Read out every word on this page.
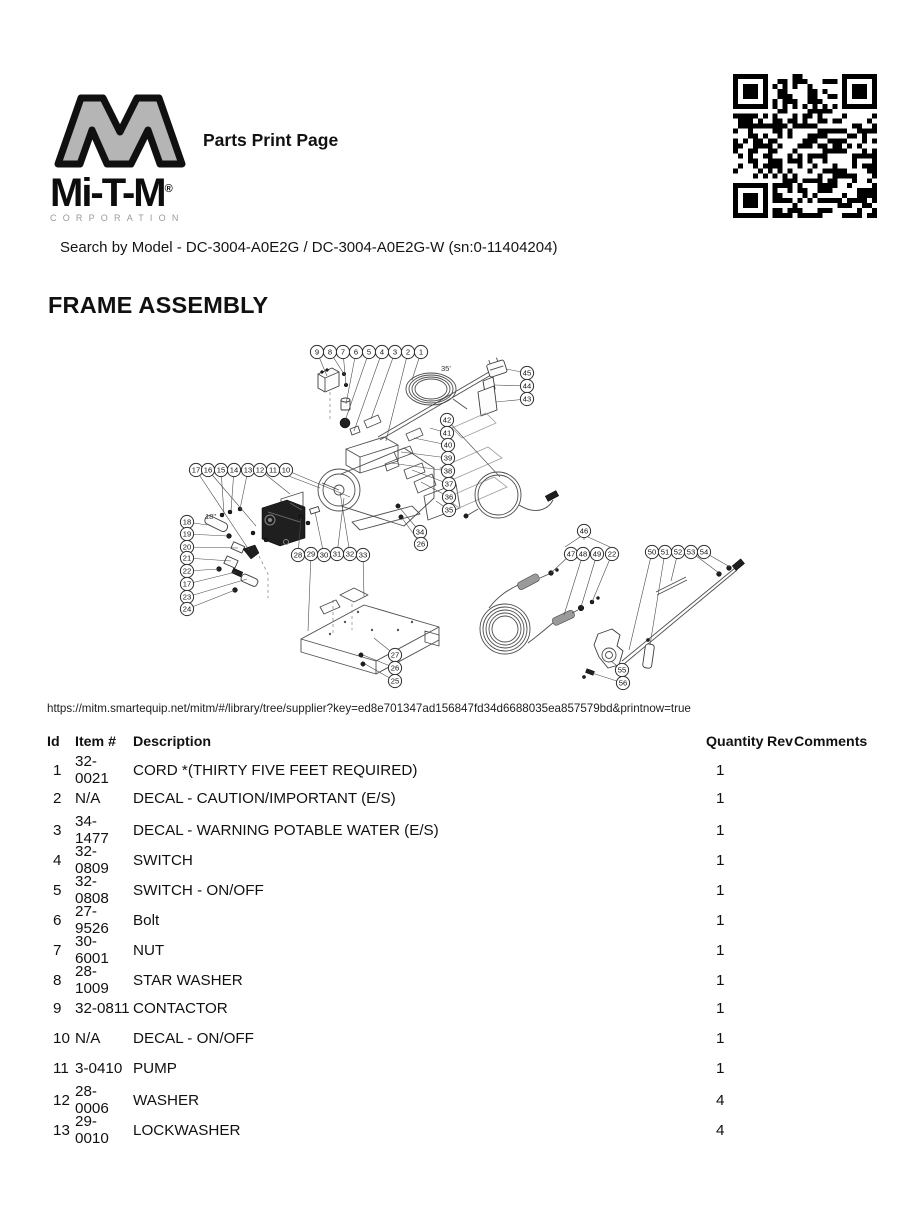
Mi-T-M®
CORPORATION
Parts Print Page
Search by Model - DC-3004-A0E2G / DC-3004-A0E2G-W (sn:0-11404204)
FRAME ASSEMBLY
9 8 7 6 5 4 3 2 1
45
44
43
42
41
40
39
38
37
36
35
34
26
17 16 15 14 13 12 11 10
18
19
20
21
22
17
23
24
28 29 30 31 32 33
46
47 48 49 22	50 51 52 53 54
27
26
25
55
56
35'
18"
https://mitm.smartequip.net/mitm/#/library/tree/supplier?key=ed8e701347ad156847fd34d6688035ea857579bd&printnow=true
Id	Item #	Description	Quantity Rev Comments
1 32-0021	CORD *(THIRTY FIVE FEET REQUIRED)	1
2 N/A	DECAL - CAUTION/IMPORTANT (E/S)	1
3 34-1477	DECAL - WARNING POTABLE WATER (E/S)	1
4 32-0809	SWITCH	1
5 32-0808	SWITCH - ON/OFF	1
6 27-9526	Bolt	1
7 30-6001	NUT	1
8 28-1009	STAR WASHER	1
9 32-0811 CONTACTOR	1
10 N/A	DECAL - ON/OFF	1
11 3-0410 PUMP	1
12 28-0006	WASHER	4
13 29-0010	LOCKWASHER	4
